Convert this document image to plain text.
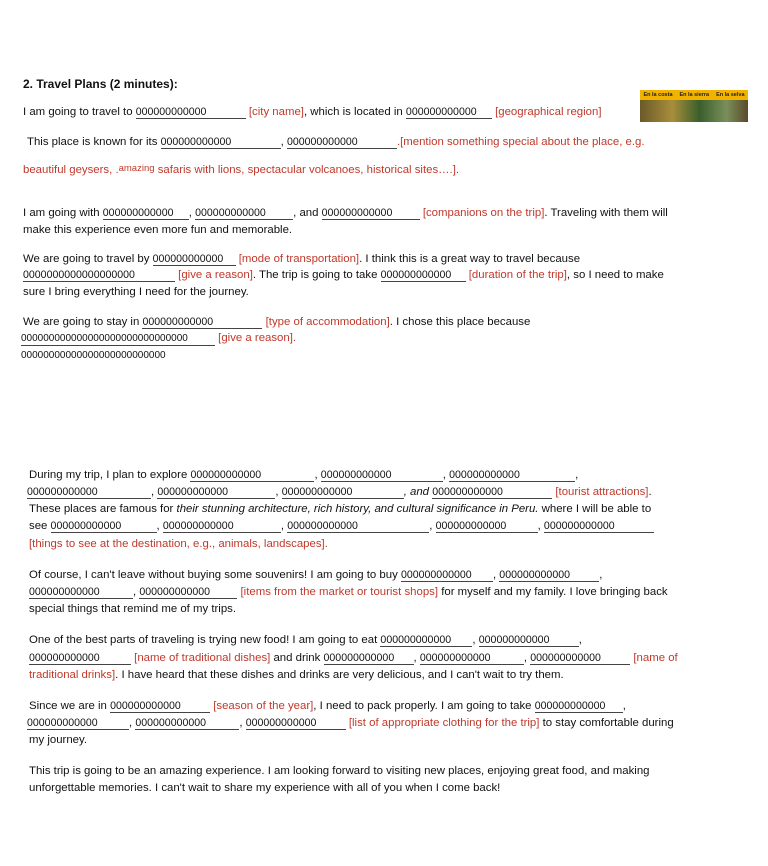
2. Travel Plans (2 minutes):
En la costa En la sierra En la selva
I am going to travel to 000000000000	[city name], which is located in 000000000000 [geographical region]
This place is known for its 000000000000	, 000000000000	.[mention something special about the place, e.g.
beautiful geysers, .amazing safaris with lions, spectacular volcanoes, historical sites….].
I am going with 000000000000 , 000000000000 , and 000000000000	[companions on the trip]. Traveling with them will
make this experience even more fun and memorable.
We are going to travel by 000000000000 [mode of transportation]. I think this is a great way to travel because
0000000000000000000	[give a reason]. The trip is going to take 000000000000 [duration of the trip], so I need to make
sure I bring everything I need for the journey.
We are going to stay in 000000000000	[type of accommodation]. I chose this place because
000000000000000000000000000000	[give a reason].
00000000000000000000000000
During my trip, I plan to explore 000000000000	, 000000000000	, 000000000000	,
000000000000	, 000000000000	, 000000000000	, and 000000000000	[tourist attractions].
These places are famous for their stunning architecture, rich history, and cultural significance in Peru. where I will be able to
see 000000000000	, 000000000000	, 000000000000	, 000000000000	, 000000000000
[things to see at the destination, e.g., animals, landscapes].
Of course, I can't leave without buying some souvenirs! I am going to buy 000000000000 , 000000000000	,
000000000000	, 000000000000	[items from the market or tourist shops] for myself and my family. I love bringing back
special things that remind me of my trips.
One of the best parts of traveling is trying new food! I am going to eat 000000000000 , 000000000000	,
000000000000	[name of traditional dishes] and drink 000000000000 , 000000000000	, 000000000000	[name of
traditional drinks]. I have heard that these dishes and drinks are very delicious, and I can't wait to try them.
Since we are in 000000000000	[season of the year], I need to pack properly. I am going to take 000000000000 ,
000000000000	, 000000000000	, 000000000000	[list of appropriate clothing for the trip] to stay comfortable during
my journey.
This trip is going to be an amazing experience. I am looking forward to visiting new places, enjoying great food, and making
unforgettable memories. I can't wait to share my experience with all of you when I come back!
